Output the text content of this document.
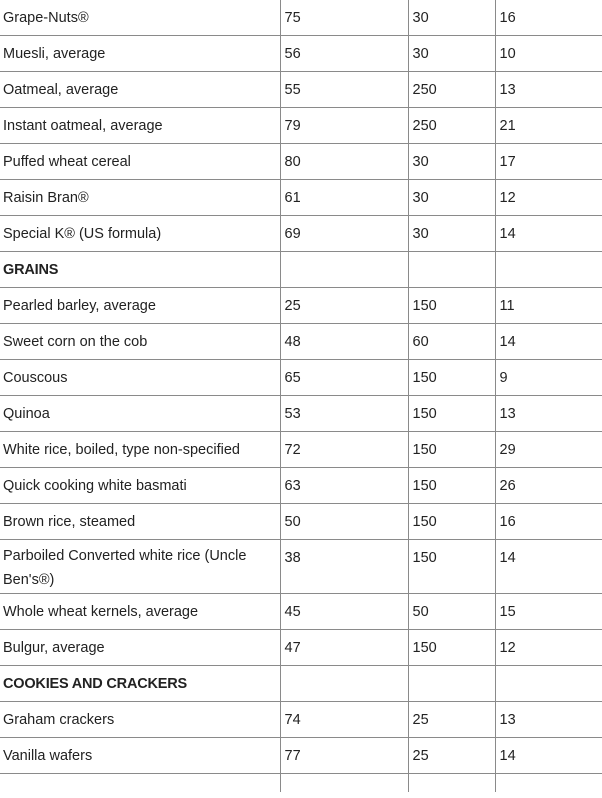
Grape-Nuts®	75	30	16
Muesli, average	56	30	10
Oatmeal, average	55	250	13
Instant oatmeal, average	79	250	21
Puffed wheat cereal	80	30	17
Raisin Bran®	61	30	12
Special K® (US formula)	69	30	14
GRAINS			
Pearled barley, average	25	150	11
Sweet corn on the cob	48	60	14
Couscous	65	150	9
Quinoa	53	150	13
White rice, boiled, type non-specified	72	150	29
Quick cooking white basmati	63	150	26
Brown rice, steamed	50	150	16
Parboiled Converted white rice (Uncle Ben's®)	38	150	14
Whole wheat kernels, average	45	50	15
Bulgur, average	47	150	12
COOKIES AND CRACKERS			
Graham crackers	74	25	13
Vanilla wafers	77	25	14
